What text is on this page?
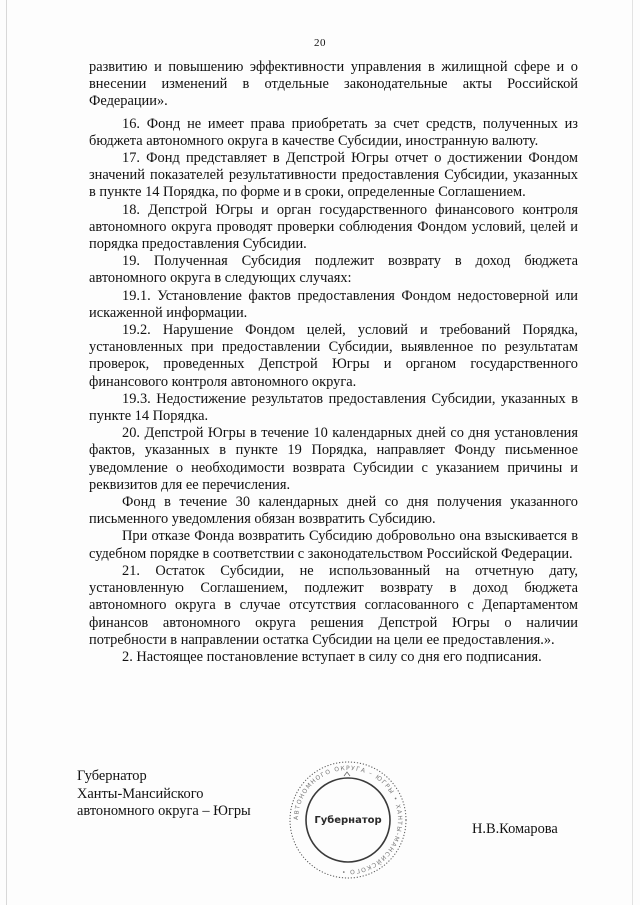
20

развитию и повышению эффективности управления в жилищной сфере и о внесении изменений в отдельные законодательные акты Российской Федерации».

16. Фонд не имеет права приобретать за счет средств, полученных из бюджета автономного округа в качестве Субсидии, иностранную валюту.

17. Фонд представляет в Депстрой Югры отчет о достижении Фондом значений показателей результативности предоставления Субсидии, указанных в пункте 14 Порядка, по форме и в сроки, определенные Соглашением.

18. Депстрой Югры и орган государственного финансового контроля автономного округа проводят проверки соблюдения Фондом условий, целей и порядка предоставления Субсидии.

19. Полученная Субсидия подлежит возврату в доход бюджета автономного округа в следующих случаях:

19.1. Установление фактов предоставления Фондом недостоверной или искаженной информации.

19.2. Нарушение Фондом целей, условий и требований Порядка, установленных при предоставлении Субсидии, выявленное по результатам проверок, проведенных Депстрой Югры и органом государственного финансового контроля автономного округа.

19.3. Недостижение результатов предоставления Субсидии, указанных в пункте 14 Порядка.

20. Депстрой Югры в течение 10 календарных дней со дня установления фактов, указанных в пункте 19 Порядка, направляет Фонду письменное уведомление о необходимости возврата Субсидии с указанием причины и реквизитов для ее перечисления.

Фонд в течение 30 календарных дней со дня получения указанного письменного уведомления обязан возвратить Субсидию.

При отказе Фонда возвратить Субсидию добровольно она взыскивается в судебном порядке в соответствии с законодательством Российской Федерации.

21. Остаток Субсидии, не использованный на отчетную дату, установленную Соглашением, подлежит возврату в доход бюджета автономного округа в случае отсутствия согласованного с Департаментом финансов автономного округа решения Депстрой Югры о наличии потребности в направлении остатка Субсидии на цели ее предоставления.».

2. Настоящее постановление вступает в силу со дня его подписания.

Губернатор
Ханты-Мансийского
автономного округа – Югры	АВТОНОМНОГО ОКРУГА – ЮГРЫ • ХАНТЫ-МАНСИЙСКОГО •
Губернатор
Н.В.Комарова
